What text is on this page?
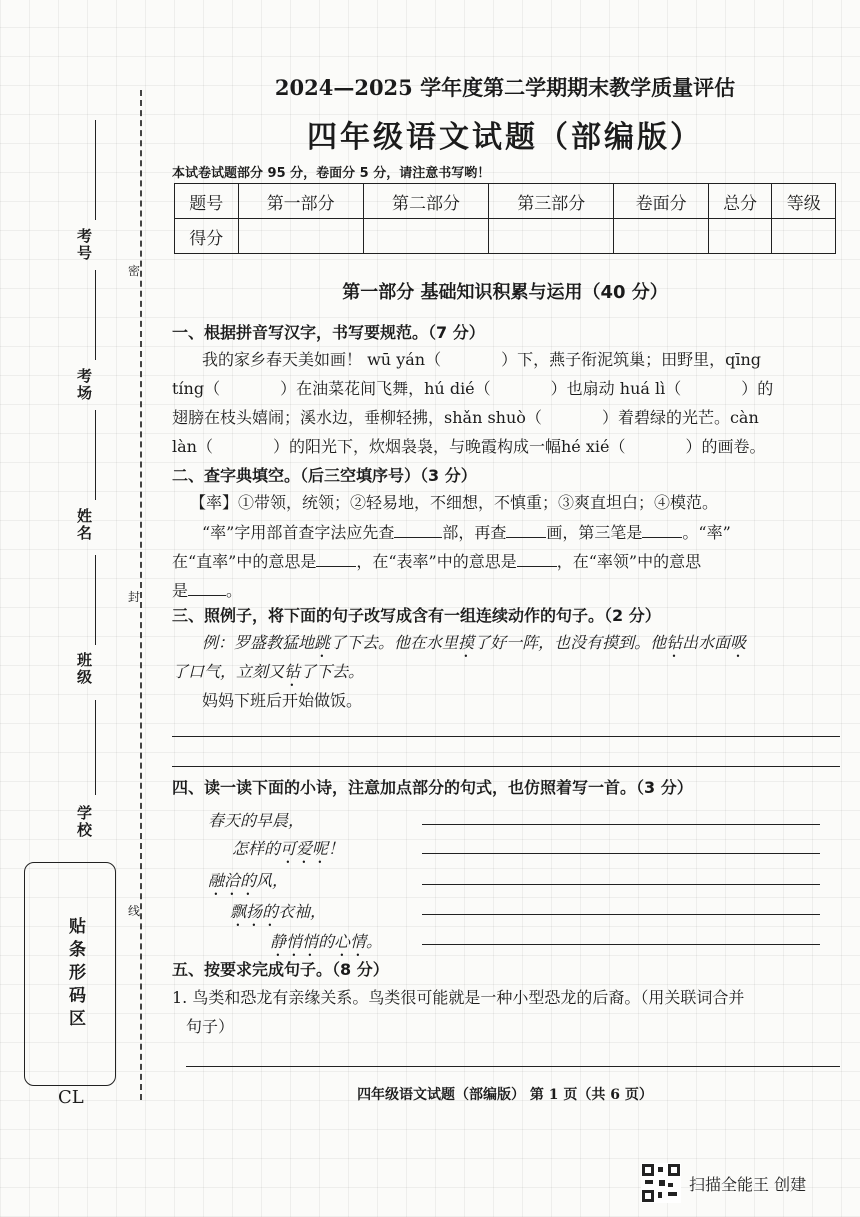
密
封
线
考号
考场
姓名
班级
学校
贴条形码区
CL
2024—2025 学年度第二学期期末教学质量评估
四年级语文试题（部编版）
本试卷试题部分 95 分，卷面分 5 分，请注意书写哟！
题号	第一部分	第二部分	第三部分	卷面分	总分	等级
得分						
第一部分 基础知识积累与运用（40 分）
一、根据拼音写汉字，书写要规范。（7 分）
我的家乡春天美如画！ wū yán（	）下，燕子衔泥筑巢；田野里，qīng
tíng（	）在油菜花间飞舞，hú dié（	）也扇动 huá lì（	）的
翅膀在枝头嬉闹；溪水边，垂柳轻拂，shǎn shuò（	）着碧绿的光芒。càn
làn（	）的阳光下，炊烟袅袅，与晚霞构成一幅hé xié（	）的画卷。
二、查字典填空。（后三空填序号）（3 分）
【率】①带领，统领；②轻易地，不细想，不慎重；③爽直坦白；④模范。
“率”字用部首查字法应先查	部，再查	画，第三笔是	。“率”
在“直率”中的意思是	，在“表率”中的意思是	，在“率领”中的意思
是 。
三、照例子，将下面的句子改写成含有一组连续动作的句子。（2 分）
例：罗盛教猛地跳了下去。他在水里摸了好一阵，也没有摸到。他钻出水面吸
了口气，立刻又钻了下去。
妈妈下班后开始做饭。
四、读一读下面的小诗，注意加点部分的句式，也仿照着写一首。（3 分）
春天的早晨，
怎样的可爱呢！
融洽的风，
飘扬的衣袖，
静悄悄的心情。
五、按要求完成句子。（8 分）
1. 鸟类和恐龙有亲缘关系。鸟类很可能就是一种小型恐龙的后裔。（用关联词合并
句子）
四年级语文试题（部编版） 第 1 页（共 6 页）
扫描全能王 创建
